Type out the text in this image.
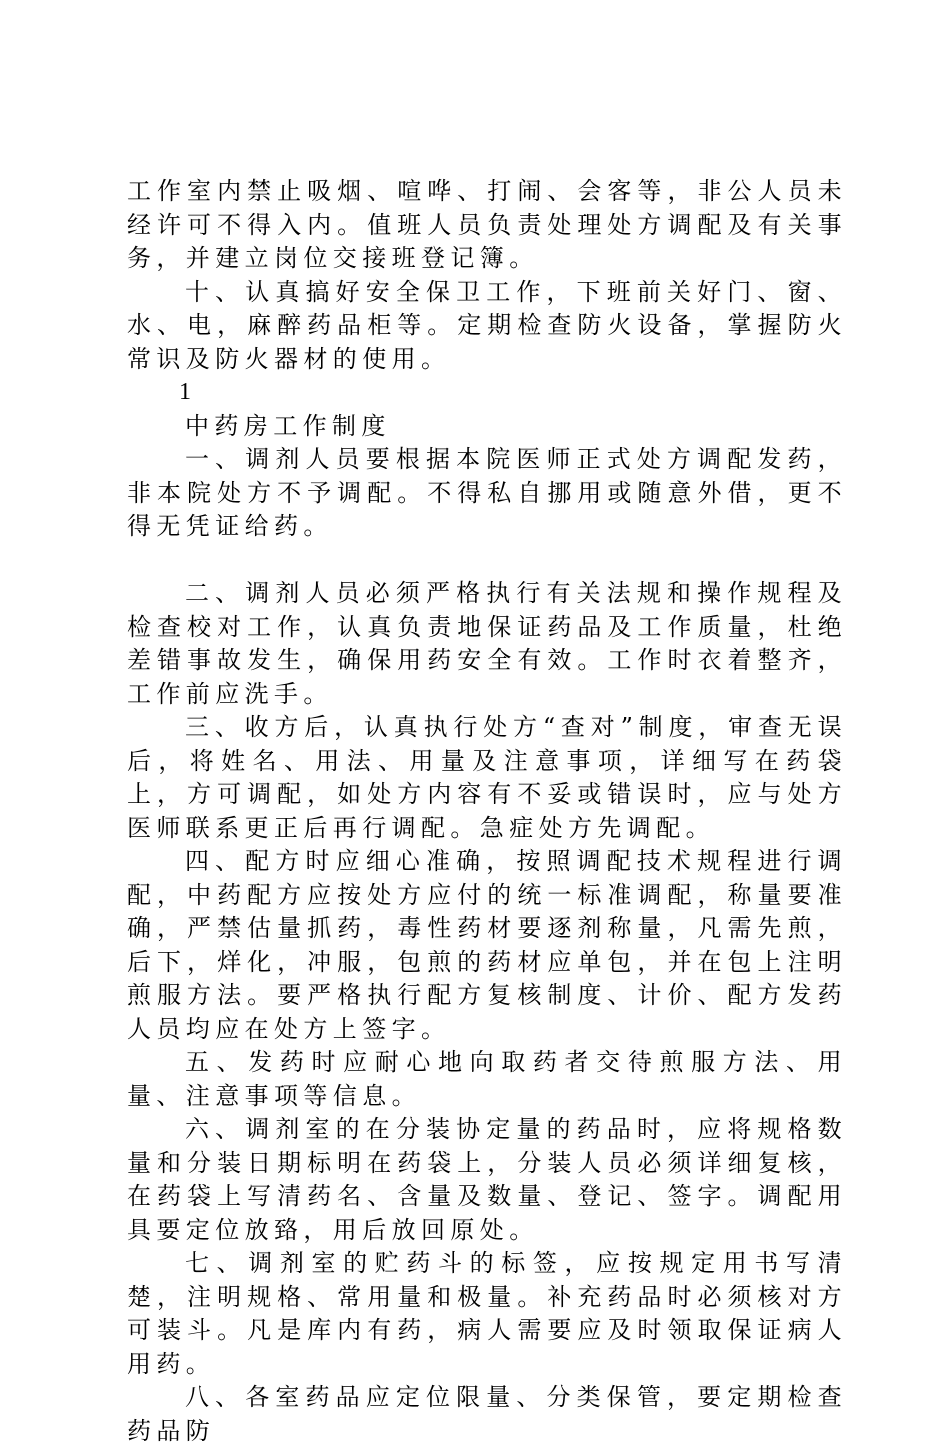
工作室内禁止吸烟、喧哗、打闹、会客等，非公人员未经许可不得入内。值班人员负责处理处方调配及有关事务，并建立岗位交接班登记簿。

十、认真搞好安全保卫工作，下班前关好门、窗、水、电，麻醉药品柜等。定期检查防火设备，掌握防火常识及防火器材的使用。

1

中药房工作制度

一、调剂人员要根据本院医师正式处方调配发药，非本院处方不予调配。不得私自挪用或随意外借，更不得无凭证给药。

二、调剂人员必须严格执行有关法规和操作规程及检查校对工作，认真负责地保证药品及工作质量，杜绝差错事故发生，确保用药安全有效。工作时衣着整齐，工作前应洗手。

三、收方后，认真执行处方“查对”制度，审查无误后，将姓名、用法、用量及注意事项，详细写在药袋上，方可调配，如处方内容有不妥或错误时，应与处方医师联系更正后再行调配。急症处方先调配。

四、配方时应细心准确，按照调配技术规程进行调配，中药配方应按处方应付的统一标准调配，称量要准确，严禁估量抓药，毒性药材要逐剂称量，凡需先煎，后下，烊化，冲服，包煎的药材应单包，并在包上注明煎服方法。要严格执行配方复核制度、计价、配方发药人员均应在处方上签字。

五、发药时应耐心地向取药者交待煎服方法、用量、注意事项等信息。

六、调剂室的在分装协定量的药品时，应将规格数量和分装日期标明在药袋上，分装人员必须详细复核，在药袋上写清药名、含量及数量、登记、签字。调配用具要定位放臵，用后放回原处。

七、调剂室的贮药斗的标签，应按规定用书写清楚，注明规格、常用量和极量。补充药品时必须核对方可装斗。凡是库内有药，病人需要应及时领取保证病人用药。

八、各室药品应定位限量、分类保管，要定期检查药品防
